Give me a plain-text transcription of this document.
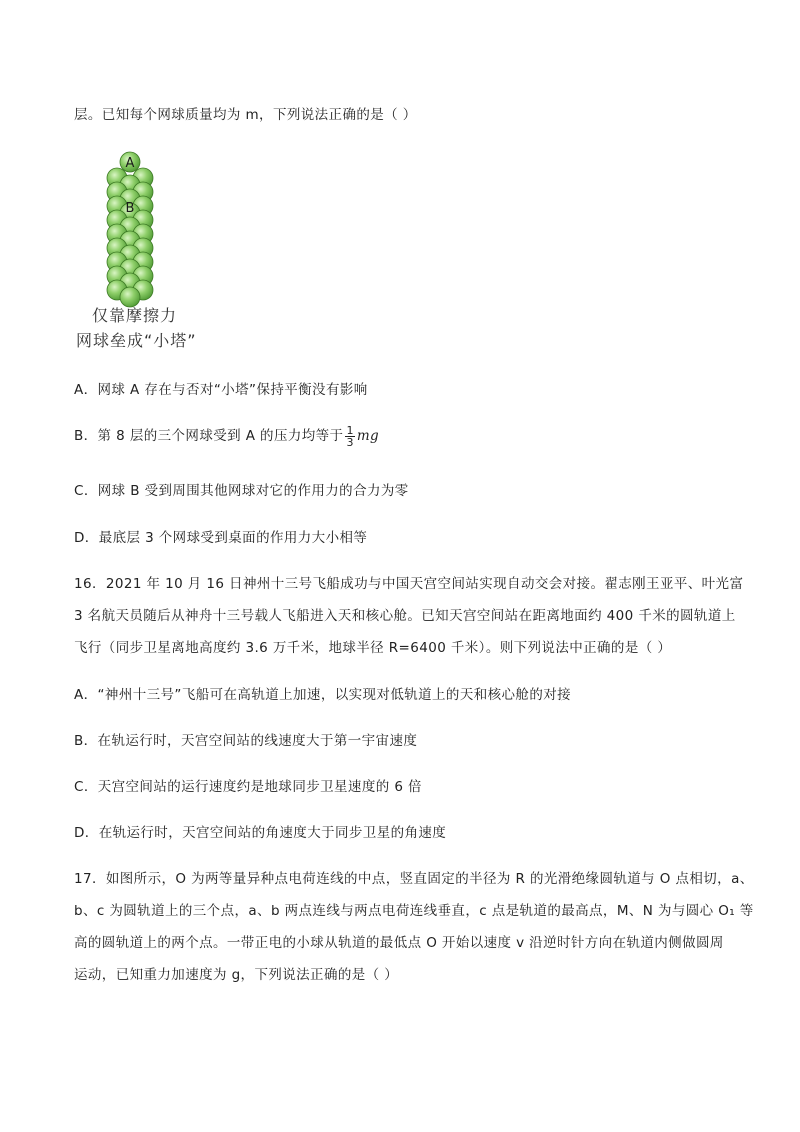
层。已知每个网球质量均为 m，下列说法正确的是（ ）
A
B
仅靠摩擦力
网球垒成“小塔”
A．网球 A 存在与否对“小塔”保持平衡没有影响
B．第 8 层的三个网球受到 A 的压力均等于 $\frac{1}{3}$ mg
C．网球 B 受到周围其他网球对它的作用力的合力为零
D．最底层 3 个网球受到桌面的作用力大小相等
16．2021 年 10 月 16 日神州十三号飞船成功与中国天宫空间站实现自动交会对接。翟志刚王亚平、叶光富
3 名航天员随后从神舟十三号载人飞船进入天和核心舱。已知天宫空间站在距离地面约 400 千米的圆轨道上
飞行（同步卫星离地高度约 3.6 万千米，地球半径 R=6400 千米）。则下列说法中正确的是（ ）
A．“神州十三号”飞船可在高轨道上加速，以实现对低轨道上的天和核心舱的对接
B．在轨运行时，天宫空间站的线速度大于第一宇宙速度
C．天宫空间站的运行速度约是地球同步卫星速度的 6 倍
D．在轨运行时，天宫空间站的角速度大于同步卫星的角速度
17．如图所示，O 为两等量异种点电荷连线的中点，竖直固定的半径为 R 的光滑绝缘圆轨道与 O 点相切，a、
b、c 为圆轨道上的三个点，a、b 两点连线与两点电荷连线垂直，c 点是轨道的最高点，M、N 为与圆心 O₁ 等
高的圆轨道上的两个点。一带正电的小球从轨道的最低点 O 开始以速度 v 沿逆时针方向在轨道内侧做圆周
运动，已知重力加速度为 g，下列说法正确的是（ ）
